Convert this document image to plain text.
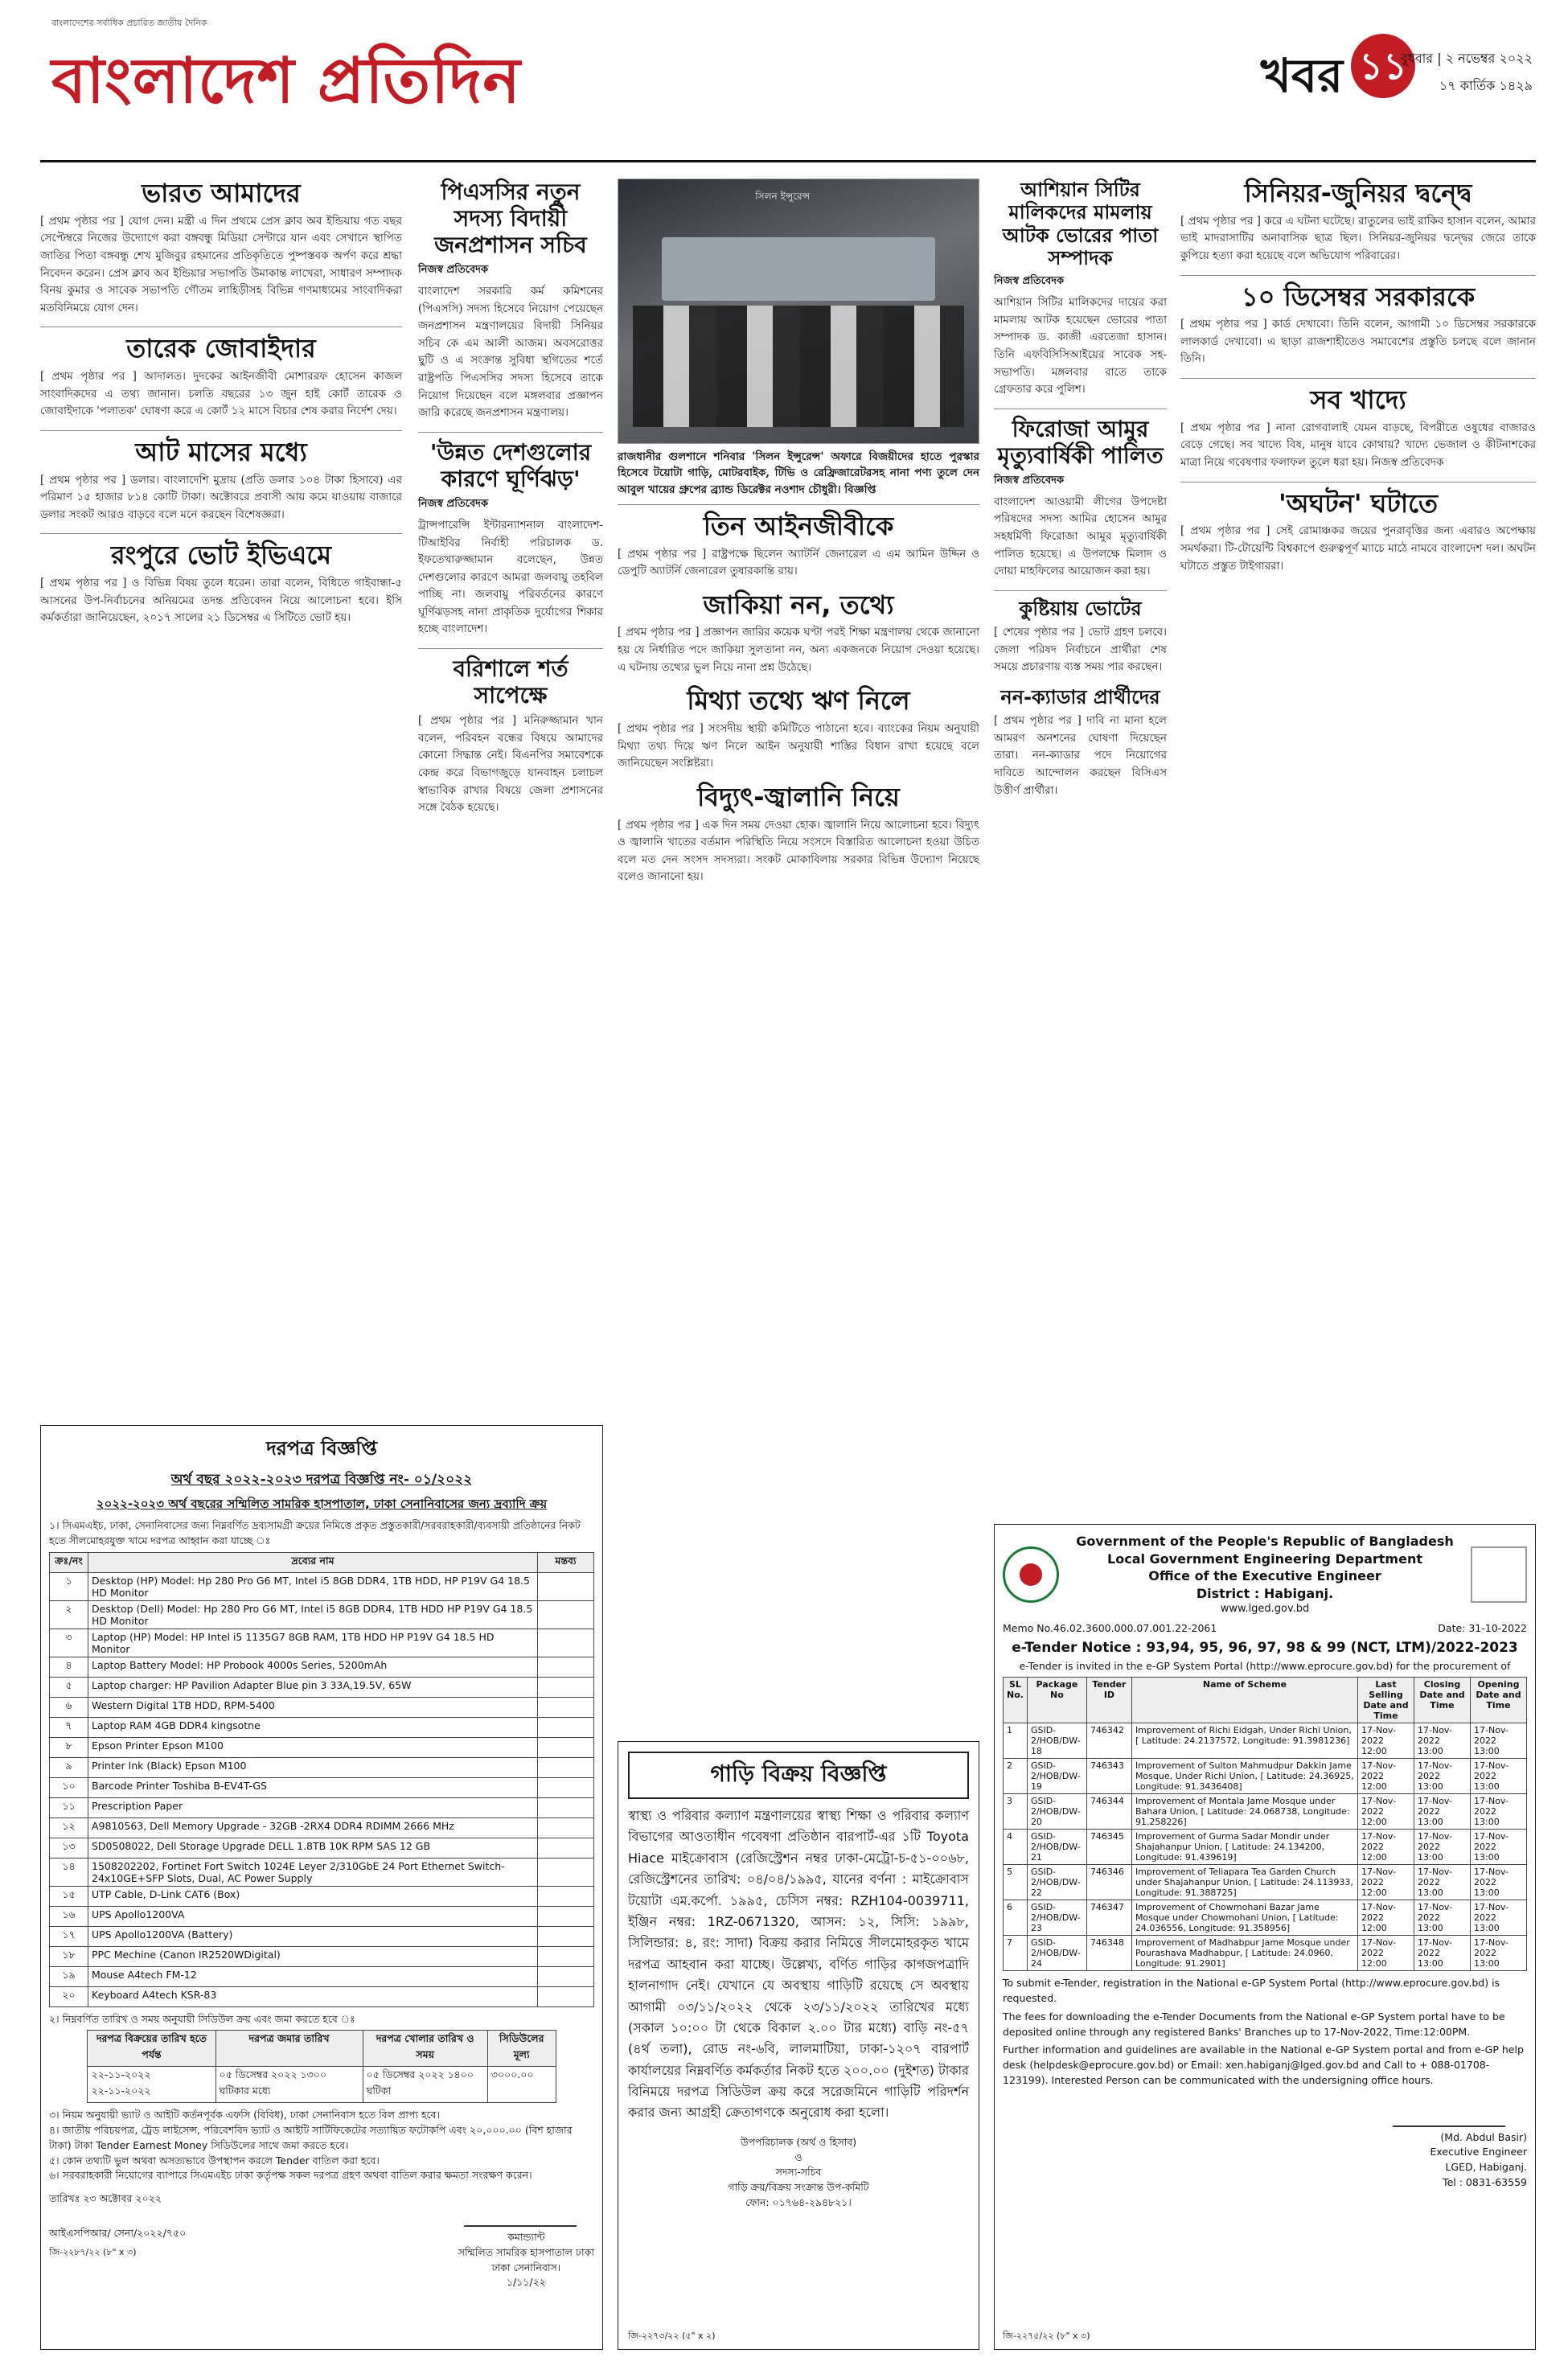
বাংলাদেশের সর্বাধিক প্রচারিত জাতীয় দৈনিক
বাংলাদেশ প্রতিদিন	খবর ১১
বুধবার | ২ নভেম্বর ২০২২
১৭ কার্তিক ১৪২৯
ভারত আমাদের
[ প্রথম পৃষ্ঠার পর ] যোগ দেন। মন্ত্রী এ দিন প্রথমে প্রেস ক্লাব অব ইন্ডিয়ায় গত বছর সেপ্টেম্বরে নিজের উদ্যোগে করা বঙ্গবন্ধু মিডিয়া সেন্টারে যান এবং সেখানে স্থাপিত জাতির পিতা বঙ্গবন্ধু শেখ মুজিবুর রহমানের প্রতিকৃতিতে পুষ্পস্তবক অর্পণ করে শ্রদ্ধা নিবেদন করেন। প্রেস ক্লাব অব ইন্ডিয়ার সভাপতি উমাকান্ত লাখেরা, সাধারণ সম্পাদক বিনয় কুমার ও সাবেক সভাপতি গৌতম লাহিড়ীসহ বিভিন্ন গণমাধ্যমের সাংবাদিকরা মতবিনিময়ে যোগ দেন।
তারেক জোবাইদার
[ প্রথম পৃষ্ঠার পর ] আদালত। দুদকের আইনজীবী মোশাররফ হোসেন কাজল সাংবাদিকদের এ তথ্য জানান। চলতি বছরের ১৩ জুন হাই কোর্ট তারেক ও জোবাইদাকে 'পলাতক' ঘোষণা করে এ কোর্ট ১২ মাসে বিচার শেষ করার নির্দেশ দেয়।
আট মাসের মধ্যে
[ প্রথম পৃষ্ঠার পর ] ডলার। বাংলাদেশি মুদ্রায় (প্রতি ডলার ১০৪ টাকা হিসাবে) এর পরিমাণ ১৫ হাজার ৮১৪ কোটি টাকা। অক্টোবরে প্রবাসী আয় কমে যাওয়ায় বাজারে ডলার সংকট আরও বাড়বে বলে মনে করছেন বিশেষজ্ঞরা।
রংপুরে ভোট ইভিএমে
[ প্রথম পৃষ্ঠার পর ] ও বিভিন্ন বিষয় তুলে ধরেন। তারা বলেন, বিধিতে গাইবান্ধা-৫ আসনের উপ-নির্বাচনের অনিয়মের তদন্ত প্রতিবেদন নিয়ে আলোচনা হবে। ইসি কর্মকর্তারা জানিয়েছেন, ২০১৭ সালের ২১ ডিসেম্বর এ সিটিতে ভোট হয়।
পিএসসির নতুন সদস্য বিদায়ী জনপ্রশাসন সচিব
নিজস্ব প্রতিবেদক
বাংলাদেশ সরকারি কর্ম কমিশনের (পিএসসি) সদস্য হিসেবে নিয়োগ পেয়েছেন জনপ্রশাসন মন্ত্রণালয়ের বিদায়ী সিনিয়র সচিব কে এম আলী আজম। অবসরোত্তর ছুটি ও এ সংক্রান্ত সুবিধা স্থগিতের শর্তে রাষ্ট্রপতি পিএসসির সদস্য হিসেবে তাকে নিয়োগ দিয়েছেন বলে মঙ্গলবার প্রজ্ঞাপন জারি করেছে জনপ্রশাসন মন্ত্রণালয়।
'উন্নত দেশগুলোর কারণে ঘূর্ণিঝড়'
নিজস্ব প্রতিবেদক
ট্রান্সপারেন্সি ইন্টারন্যাশনাল বাংলাদেশ-টিআইবির নির্বাহী পরিচালক ড. ইফতেখারুজ্জামান বলেছেন, উন্নত দেশগুলোর কারণে আমরা জলবায়ু তহবিল পাচ্ছি না। জলবায়ু পরিবর্তনের কারণে ঘূর্ণিঝড়সহ নানা প্রাকৃতিক দুর্যোগের শিকার হচ্ছে বাংলাদেশ।
বরিশালে শর্ত সাপেক্ষে
[ প্রথম পৃষ্ঠার পর ] মনিরুজ্জামান খান বলেন, পরিবহন বন্ধের বিষয়ে আমাদের কোনো সিদ্ধান্ত নেই। বিএনপির সমাবেশকে কেন্দ্র করে বিভাগজুড়ে যানবাহন চলাচল স্বাভাবিক রাখার বিষয়ে জেলা প্রশাসনের সঙ্গে বৈঠক হয়েছে।
সিলন ইন্সুরেন্স
রাজধানীর গুলশানে শনিবার 'সিলন ইন্সুরেন্স' অফারে বিজয়ীদের হাতে পুরস্কার হিসেবে টয়োটা গাড়ি, মোটরবাইক, টিভি ও রেফ্রিজারেটরসহ নানা পণ্য তুলে দেন আবুল খায়ের গ্রুপের ব্র্যান্ড ডিরেক্টর নওশাদ চৌধুরী। বিজ্ঞপ্তি
তিন আইনজীবীকে
[ প্রথম পৃষ্ঠার পর ] রাষ্ট্রপক্ষে ছিলেন অ্যাটর্নি জেনারেল এ এম আমিন উদ্দিন ও ডেপুটি অ্যাটর্নি জেনারেল তুষারকান্তি রায়।
জাকিয়া নন, তথ্যে
[ প্রথম পৃষ্ঠার পর ] প্রজ্ঞাপন জারির কয়েক ঘণ্টা পরই শিক্ষা মন্ত্রণালয় থেকে জানানো হয় যে নির্ধারিত পদে জাকিয়া সুলতানা নন, অন্য একজনকে নিয়োগ দেওয়া হয়েছে। এ ঘটনায় তথ্যের ভুল নিয়ে নানা প্রশ্ন উঠেছে।
মিথ্যা তথ্যে ঋণ নিলে
[ প্রথম পৃষ্ঠার পর ] সংসদীয় স্থায়ী কমিটিতে পাঠানো হবে। ব্যাংকের নিয়ম অনুযায়ী মিথ্যা তথ্য দিয়ে ঋণ নিলে আইন অনুযায়ী শাস্তির বিধান রাখা হয়েছে বলে জানিয়েছেন সংশ্লিষ্টরা।
বিদ্যুৎ-জ্বালানি নিয়ে
[ প্রথম পৃষ্ঠার পর ] এক দিন সময় দেওয়া হোক। জ্বালানি নিয়ে আলোচনা হবে। বিদ্যুৎ ও জ্বালানি খাতের বর্তমান পরিস্থিতি নিয়ে সংসদে বিস্তারিত আলোচনা হওয়া উচিত বলে মত দেন সংসদ সদস্যরা। সংকট মোকাবিলায় সরকার বিভিন্ন উদ্যোগ নিয়েছে বলেও জানানো হয়।
আশিয়ান সিটির মালিকদের মামলায় আটক ভোরের পাতা সম্পাদক
নিজস্ব প্রতিবেদক
আশিয়ান সিটির মালিকদের দায়ের করা মামলায় আটক হয়েছেন ভোরের পাতা সম্পাদক ড. কাজী এরতেজা হাসান। তিনি এফবিসিসিআইয়ের সাবেক সহ-সভাপতি। মঙ্গলবার রাতে তাকে গ্রেফতার করে পুলিশ।
ফিরোজা আমুর মৃত্যুবার্ষিকী পালিত
নিজস্ব প্রতিবেদক
বাংলাদেশ আওয়ামী লীগের উপদেষ্টা পরিষদের সদস্য আমির হোসেন আমুর সহধর্মিণী ফিরোজা আমুর মৃত্যুবার্ষিকী পালিত হয়েছে। এ উপলক্ষে মিলাদ ও দোয়া মাহফিলের আয়োজন করা হয়।
কুষ্টিয়ায় ভোটের
[ শেষের পৃষ্ঠার পর ] ভোট গ্রহণ চলবে। জেলা পরিষদ নির্বাচনে প্রার্থীরা শেষ সময়ে প্রচারণায় ব্যস্ত সময় পার করছেন।
নন-ক্যাডার প্রার্থীদের
[ প্রথম পৃষ্ঠার পর ] দাবি না মানা হলে আমরণ অনশনের ঘোষণা দিয়েছেন তারা। নন-ক্যাডার পদে নিয়োগের দাবিতে আন্দোলন করছেন বিসিএস উত্তীর্ণ প্রার্থীরা।
সিনিয়র-জুনিয়র দ্বন্দ্বে
[ প্রথম পৃষ্ঠার পর ] করে এ ঘটনা ঘটেছে। রাতুলের ভাই রাকিব হাসান বলেন, আমার ভাই মাদরাসাটির অনাবাসিক ছাত্র ছিল। সিনিয়র-জুনিয়র দ্বন্দ্বের জেরে তাকে কুপিয়ে হত্যা করা হয়েছে বলে অভিযোগ পরিবারের।
১০ ডিসেম্বর সরকারকে
[ প্রথম পৃষ্ঠার পর ] কার্ড দেখাবো। তিনি বলেন, আগামী ১০ ডিসেম্বর সরকারকে লালকার্ড দেখাবো। এ ছাড়া রাজশাহীতেও সমাবেশের প্রস্তুতি চলছে বলে জানান তিনি।
সব খাদ্যে
[ প্রথম পৃষ্ঠার পর ] নানা রোগবালাই যেমন বাড়ছে, বিপরীতে ওষুধের বাজারও বেড়ে গেছে। সব খাদ্যে বিষ, মানুষ যাবে কোথায়? খাদ্যে ভেজাল ও কীটনাশকের মাত্রা নিয়ে গবেষণার ফলাফল তুলে ধরা হয়। নিজস্ব প্রতিবেদক
'অঘটন' ঘটাতে
[ প্রথম পৃষ্ঠার পর ] সেই রোমাঞ্চকর জয়ের পুনরাবৃত্তির জন্য এবারও অপেক্ষায় সমর্থকরা। টি-টোয়েন্টি বিশ্বকাপে গুরুত্বপূর্ণ ম্যাচে মাঠে নামবে বাংলাদেশ দল। অঘটন ঘটাতে প্রস্তুত টাইগাররা।
দরপত্র বিজ্ঞপ্তি
অর্থ বছর ২০২২-২০২৩ দরপত্র বিজ্ঞপ্তি নং- ০১/২০২২
২০২২-২০২৩ অর্থ বছরের সম্মিলিত সামরিক হাসপাতাল, ঢাকা সেনানিবাসের জন্য দ্রব্যাদি ক্রয়
১। সিএমএইচ, ঢাকা, সেনানিবাসের জন্য নিম্নবর্ণিত দ্রব্যসামগ্রী ক্রয়ের নিমিত্তে প্রকৃত প্রস্তুতকারী/সরবরাহকারী/ব্যবসায়ী প্রতিষ্ঠানের নিকট হতে সীলমোহরযুক্ত খামে দরপত্র আহ্বান করা যাচ্ছে ঃ
ক্রঃ/নং	দ্রব্যের নাম	মন্তব্য
১	Desktop (HP) Model: Hp 280 Pro G6 MT, Intel i5 8GB DDR4, 1TB HDD, HP P19V G4 18.5 HD Monitor	
২	Desktop (Dell) Model: Hp 280 Pro G6 MT, Intel i5 8GB DDR4, 1TB HDD HP P19V G4 18.5 HD Monitor	
৩	Laptop (HP) Model: HP Intel i5 1135G7 8GB RAM, 1TB HDD HP P19V G4 18.5 HD Monitor	
৪	Laptop Battery Model: HP Probook 4000s Series, 5200mAh	
৫	Laptop charger: HP Pavilion Adapter Blue pin 3 33A,19.5V, 65W	
৬	Western Digital 1TB HDD, RPM-5400	
৭	Laptop RAM 4GB DDR4 kingsotne	
৮	Epson Printer Epson M100	
৯	Printer Ink (Black) Epson M100	
১০	Barcode Printer Toshiba B-EV4T-GS	
১১	Prescription Paper	
১২	A9810563, Dell Memory Upgrade - 32GB -2RX4 DDR4 RDIMM 2666 MHz	
১৩	SD0508022, Dell Storage Upgrade DELL 1.8TB 10K RPM SAS 12 GB	
১৪	1508202202, Fortinet Fort Switch 1024E Leyer 2/310GbE 24 Port Ethernet Switch-24x10GE+SFP Slots, Dual, AC Power Supply	
১৫	UTP Cable, D-Link CAT6 (Box)	
১৬	UPS Apollo1200VA	
১৭	UPS Apollo1200VA (Battery)	
১৮	PPC Mechine (Canon IR2520WDigital)	
১৯	Mouse A4tech FM-12	
২০	Keyboard A4tech KSR-83	
২। নিম্নবর্ণিত তারিখ ও সময় অনুযায়ী সিডিউল ক্রয় এবং জমা করতে হবে ঃ
দরপত্র বিক্রয়ের তারিখ হতে পর্যন্ত	দরপত্র জমার তারিখ	দরপত্র খোলার তারিখ ও সময়	সিডিউলের মূল্য
২২-১১-২০২২ ২২-১১-২০২২	০৫ ডিসেম্বর ২০২২ ১৩০০ ঘটিকার মধ্যে	০৫ ডিসেম্বর ২০২২ ১৪০০ ঘটিকা	৩০০০.০০
৩। নিয়ম অনুযায়ী ভ্যাট ও আইটি কর্তনপূর্বক এফসি (বিবিধ), ঢাকা সেনানিবাস হতে বিল প্রাপ্য হবে।
৪। জাতীয় পরিচয়পত্র, ট্রেড লাইসেন্স, পরিবেশবিদ ভ্যাট ও আইটি সার্টিফিকেটের সত্যায়িত ফটোকপি এবং ২০,০০০.০০ (বিশ হাজার টাকা) টাকা Tender Earnest Money সিডিউলের সাথে জমা করতে হবে।
৫। কোন তথ্যটি ভুল অথবা অসত্যভাবে উপস্থাপন করলে Tender বাতিল করা হবে।
৬। সরবরাহকারী নিয়োগের ব্যাপারে সিএমএইচ ঢাকা কর্তৃপক্ষ সকল দরপত্র গ্রহণ অথবা বাতিল করার ক্ষমতা সংরক্ষণ করেন।
তারিখঃ ২৩ অক্টোবর ২০২২
আইএসপিআর/ সেনা/২০২২/৭৫০
জি-২২৮৭/২২ (৮" x ৩)
কমান্ড্যান্ট
সম্মিলিত সামরিক হাসপাতাল ঢাকা
ঢাকা সেনানিবাস।
১/১১/২২
গাড়ি বিক্রয় বিজ্ঞপ্তি
স্বাস্থ্য ও পরিবার কল্যাণ মন্ত্রণালয়ের স্বাস্থ্য শিক্ষা ও পরিবার কল্যাণ বিভাগের আওতাধীন গবেষণা প্রতিষ্ঠান বারপার্ট-এর ১টি Toyota Hiace মাইক্রোবাস (রেজিস্ট্রেশন নম্বর ঢাকা-মেট্রো-চ-৫১-০০৬৮, রেজিস্ট্রেশনের তারিখ: ০৪/০৪/১৯৯৫, যানের বর্ণনা : মাইক্রোবাস টয়োটা এম.কর্পো. ১৯৯৫, চেসিস নম্বর: RZH104-0039711, ইঞ্জিন নম্বর: 1RZ-0671320, আসন: ১২, সিসি: ১৯৯৮, সিলিন্ডার: ৪, রং: সাদা) বিক্রয় করার নিমিত্তে সীলমোহরকৃত খামে দরপত্র আহবান করা যাচ্ছে। উল্লেখ্য, বর্ণিত গাড়ির কাগজপত্রাদি হালনাগাদ নেই। যেখানে যে অবস্থায় গাড়িটি রয়েছে সে অবস্থায় আগামী ০৩/১১/২০২২ থেকে ২৩/১১/২০২২ তারিখের মধ্যে (সকাল ১০:০০ টা থেকে বিকাল ২.০০ টার মধ্যে) বাড়ি নং-৫৭ (৪র্থ তলা), রোড নং-৬বি, লালমাটিয়া, ঢাকা-১২০৭ বারপার্ট কার্যালয়ের নিম্নবর্ণিত কর্মকর্তার নিকট হতে ২০০.০০ (দুইশত) টাকার বিনিময়ে দরপত্র সিডিউল ক্রয় করে সরেজমিনে গাড়িটি পরিদর্শন করার জন্য আগ্রহী ক্রেতাগণকে অনুরোধ করা হলো।
উপপরিচালক (অর্থ ও হিসাব)
ও
সদস্য-সচিব
গাড়ি ক্রয়/বিক্রয় সংক্রান্ত উপ-কমিটি
ফোন: ০১৭৬৪-২৯৪৮২১।
জি-২২৭৩/২২ (৫" x ২)
Government of the People's Republic of Bangladesh
Local Government Engineering Department
Office of the Executive Engineer
District : Habiganj.
www.lged.gov.bd
Memo No.46.02.3600.000.07.001.22-2061	Date: 31-10-2022
e-Tender Notice : 93,94, 95, 96, 97, 98 & 99 (NCT, LTM)/2022-2023
e-Tender is invited in the e-GP System Portal (http://www.eprocure.gov.bd) for the procurement of
SL No.	Package No	Tender ID	Name of Scheme	Last Selling Date and Time	Closing Date and Time	Opening Date and Time
1	GSID-2/HOB/DW-18	746342	Improvement of Richi Eidgah, Under Richi Union, [ Latitude: 24.2137572, Longitude: 91.3981236]	17-Nov-2022 12:00	17-Nov-2022 13:00	17-Nov-2022 13:00
2	GSID-2/HOB/DW-19	746343	Improvement of Sulton Mahmudpur Dakkin Jame Mosque, Under Richi Union, [ Latitude: 24.36925, Longitude: 91.3436408]	17-Nov-2022 12:00	17-Nov-2022 13:00	17-Nov-2022 13:00
3	GSID-2/HOB/DW-20	746344	Improvement of Montala Jame Mosque under Bahara Union, [ Latitude: 24.068738, Longitude: 91.258226]	17-Nov-2022 12:00	17-Nov-2022 13:00	17-Nov-2022 13:00
4	GSID-2/HOB/DW-21	746345	Improvement of Gurma Sadar Mondir under Shajahanpur Union, [ Latitude: 24.134200, Longitude: 91.439619]	17-Nov-2022 12:00	17-Nov-2022 13:00	17-Nov-2022 13:00
5	GSID-2/HOB/DW-22	746346	Improvement of Teliapara Tea Garden Church under Shajahanpur Union, [ Latitude: 24.113933, Longitude: 91.388725]	17-Nov-2022 12:00	17-Nov-2022 13:00	17-Nov-2022 13:00
6	GSID-2/HOB/DW-23	746347	Improvement of Chowmohani Bazar Jame Mosque under Chowmohani Union, [ Latitude: 24.036556, Longitude: 91.358956]	17-Nov-2022 12:00	17-Nov-2022 13:00	17-Nov-2022 13:00
7	GSID-2/HOB/DW-24	746348	Improvement of Madhabpur Jame Mosque under Pourashava Madhabpur, [ Latitude: 24.0960, Longitude: 91.2901]	17-Nov-2022 12:00	17-Nov-2022 13:00	17-Nov-2022 13:00
To submit e-Tender, registration in the National e-GP System Portal (http://www.eprocure.gov.bd) is requested.
The fees for downloading the e-Tender Documents from the National e-GP System portal have to be deposited online through any registered Banks' Branches up to 17-Nov-2022, Time:12:00PM.
Further information and guidelines are available in the National e-GP System portal and from e-GP help desk (helpdesk@eprocure.gov.bd) or Email: xen.habiganj@lged.gov.bd and Call to + 088-01708-123199). Interested Person can be communicated with the undersigning office hours.
(Md. Abdul Basir)
Executive Engineer
LGED, Habiganj.
Tel : 0831-63559
জি-২২৭৫/২২ (৮" x ৩)
